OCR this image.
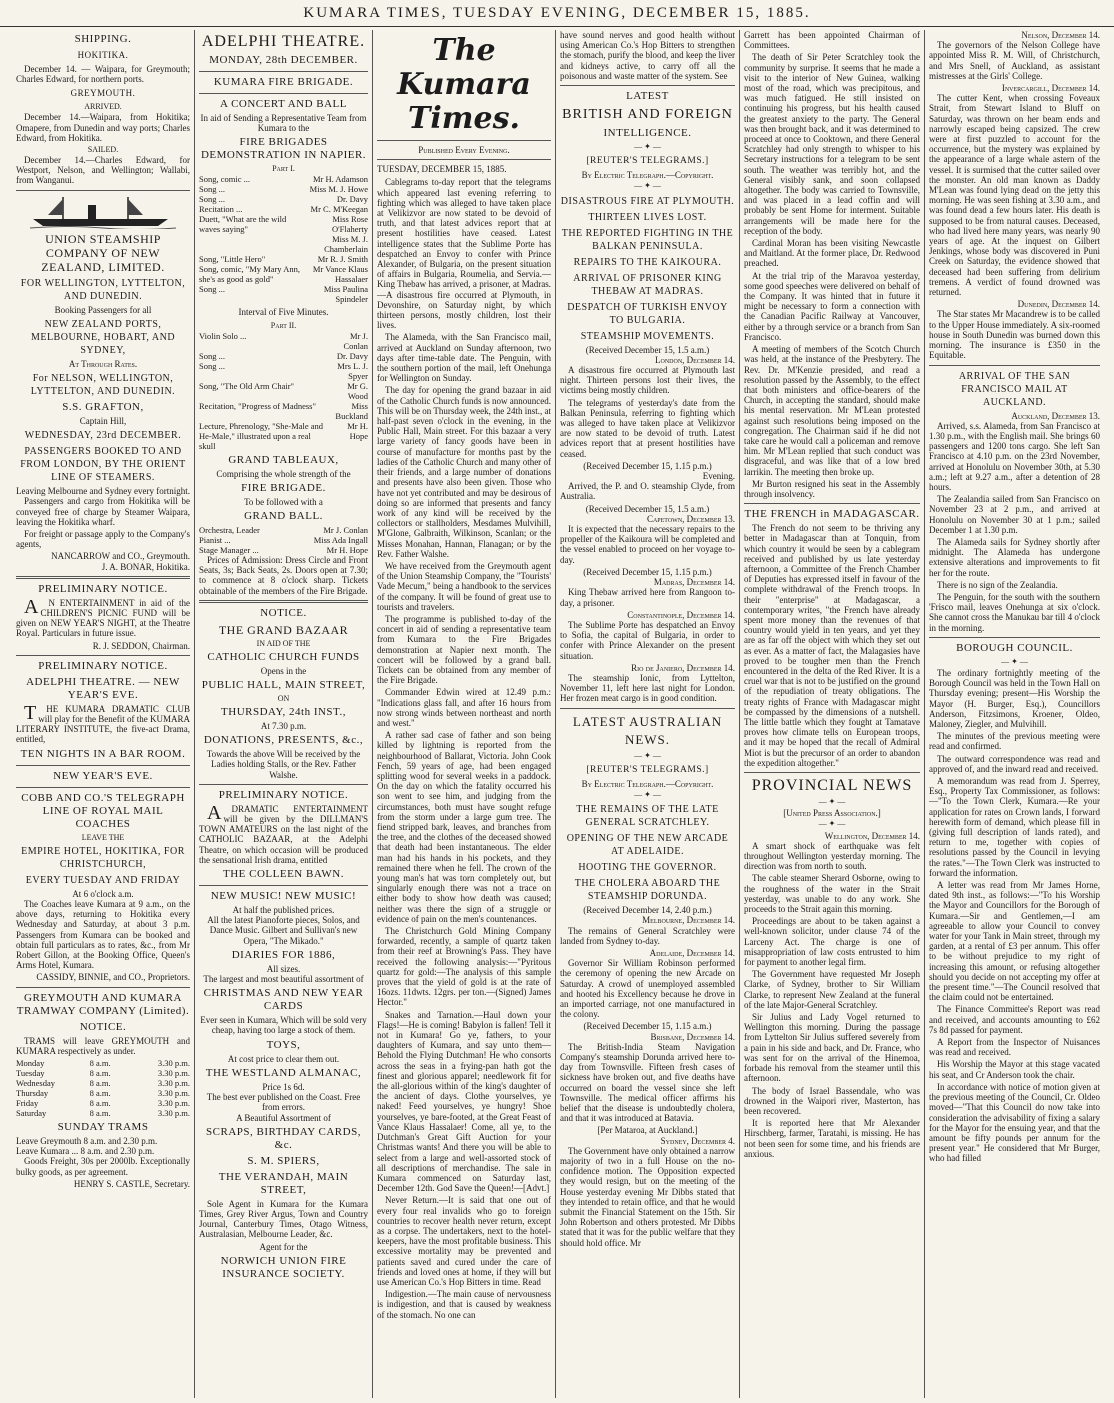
KUMARA TIMES, TUESDAY EVENING, DECEMBER 15, 1885.
SHIPPING.
HOKITIKA.

December 14. — Waipara, for Greymouth; Charles Edward, for northern ports.

GREYMOUTH.
ARRIVED.

December 14.—Waipara, from Hokitika; Omapere, from Dunedin and way ports; Charles Edward, from Hokitika.

SAILED.

December 14.—Charles Edward, for Westport, Nelson, and Wellington; Wallabi, from Wanganui.

UNION STEAMSHIP COMPANY OF NEW ZEALAND, LIMITED.
FOR WELLINGTON, LYTTELTON, AND DUNEDIN.

Booking Passengers for all

NEW ZEALAND PORTS, MELBOURNE, HOBART, AND SYDNEY,

At Through Rates.

For NELSON, WELLINGTON, LYTTELTON, AND DUNEDIN.
S.S. GRAFTON,

Captain Hill,

WEDNESDAY, 23rd DECEMBER.
PASSENGERS BOOKED TO AND FROM LONDON, BY THE ORIENT LINE OF STEAMERS.

Leaving Melbourne and Sydney every fortnight.

Passengers and cargo from Hokitika will be conveyed free of charge by Steamer Waipara, leaving the Hokitika wharf.

For freight or passage apply to the Company's agents,

NANCARROW and CO., Greymouth.

J. A. BONAR, Hokitika.

PRELIMINARY NOTICE.

AN ENTERTAINMENT in aid of the CHILDREN'S PICNIC FUND will be given on NEW YEAR'S NIGHT, at the Theatre Royal. Particulars in future issue.

R. J. SEDDON, Chairman.

PRELIMINARY NOTICE.
ADELPHI THEATRE. — NEW YEAR'S EVE.

THE KUMARA DRAMATIC CLUB will play for the Benefit of the KUMARA LITERARY INSTITUTE, the five-act Drama, entitled,

TEN NIGHTS IN A BAR ROOM.
NEW YEAR'S EVE.
COBB AND CO.'S TELEGRAPH LINE OF ROYAL MAIL COACHES
LEAVE THE
EMPIRE HOTEL, HOKITIKA, FOR CHRISTCHURCH,
EVERY TUESDAY AND FRIDAY

At 6 o'clock a.m.

The Coaches leave Kumara at 9 a.m., on the above days, returning to Hokitika every Wednesday and Saturday, at about 3 p.m. Passengers from Kumara can be booked and obtain full particulars as to rates, &c., from Mr Robert Gillon, at the Booking Office, Queen's Arms Hotel, Kumara.

CASSIDY, BINNIE, and CO., Proprietors.

GREYMOUTH AND KUMARA TRAMWAY COMPANY (Limited).
NOTICE.

TRAMS will leave GREYMOUTH and KUMARA respectively as under.

Monday	8 a.m.	3.30 p.m.
Tuesday	8 a.m.	3.30 p.m.
Wednesday	8 a.m.	3.30 p.m.
Thursday	8 a.m.	3.30 p.m.
Friday	8 a.m.	3.30 p.m.
Saturday	8 a.m.	3.30 p.m.
SUNDAY TRAMS

Leave Greymouth 8 a.m. and 2.30 p.m.

Leave Kumara ... 8 a.m. and 2.30 p.m.

Goods Freight, 30s per 2000lb. Exceptionally bulky goods, as per agreement.

HENRY S. CASTLE, Secretary.

ADELPHI THEATRE.
MONDAY, 28th DECEMBER.
KUMARA FIRE BRIGADE.
A CONCERT AND BALL

In aid of Sending a Representative Team from Kumara to the

FIRE BRIGADES DEMONSTRATION IN NAPIER.
Part I.
Song, comic ...	Mr H. Adamson
Song ...	Miss M. J. Howe
Song ...	Dr. Davy
Recitation ...	Mr C. M'Keegan
Duett, "What are the wild waves saying"	Miss Rose O'Flaherty
	Miss M. J. Chamberlain
Song, "Little Hero"	Mr R. J. Smith
Song, comic, "My Mary Ann, she's as good as gold"	Mr Vance Klaus Hassalaer
Song ...	Miss Paulina Spindeler

Interval of Five Minutes.

Part II.
Violin Solo ...	Mr J. Conlan
Song ...	Dr. Davy
Song ...	Mrs L. J. Spyer
Song, "The Old Arm Chair"	Mr G. Wood
Recitation, "Progress of Madness"	Miss Buckland
Lecture, Phrenology, "She-Male and He-Male," illustrated upon a real skull	Mr H. Hope
GRAND TABLEAUX,

Comprising the whole strength of the

FIRE BRIGADE.

To be followed with a

GRAND BALL.
Orchestra, Leader	Mr J. Conlan
Pianist ...	Miss Ada Ingall
Stage Manager ...	Mr H. Hope

Prices of Admission: Dress Circle and Front Seats, 3s; Back Seats, 2s. Doors open at 7.30; to commence at 8 o'clock sharp. Tickets obtainable of the members of the Fire Brigade.

NOTICE.
THE GRAND BAZAAR
IN AID OF THE
CATHOLIC CHURCH FUNDS

Opens in the

PUBLIC HALL, MAIN STREET,
ON
THURSDAY, 24th INST.,

At 7.30 p.m.

DONATIONS, PRESENTS, &c.,

Towards the above Will be received by the Ladies holding Stalls, or the Rev. Father Walshe.

PRELIMINARY NOTICE.

ADRAMATIC ENTERTAINMENT will be given by the DILLMAN'S TOWN AMATEURS on the last night of the CATHOLIC BAZAAR, at the Adelphi Theatre, on which occasion will be produced the sensational Irish drama, entitled

THE COLLEEN BAWN.
NEW MUSIC! NEW MUSIC!

At half the published prices.

All the latest Pianoforte pieces, Solos, and Dance Music. Gilbert and Sullivan's new Opera, "The Mikado."

DIARIES FOR 1886,

All sizes.

The largest and most beautiful assortment of

CHRISTMAS AND NEW YEAR CARDS

Ever seen in Kumara, Which will be sold very cheap, having too large a stock of them.

TOYS,

At cost price to clear them out.

THE WESTLAND ALMANAC,

Price 1s 6d.

The best ever published on the Coast. Free from errors.

A Beautiful Assortment of

SCRAPS, BIRTHDAY CARDS, &c.
S. M. SPIERS,
THE VERANDAH, MAIN STREET,

Sole Agent in Kumara for the Kumara Times, Grey River Argus, Town and Country Journal, Canterbury Times, Otago Witness, Australasian, Melbourne Leader, &c.

Agent for the

NORWICH UNION FIRE INSURANCE SOCIETY.
The Kumara Times.

Published Every Evening.

TUESDAY, DECEMBER 15, 1885.

Cablegrams to-day report that the telegrams which appeared last evening referring to fighting which was alleged to have taken place at Velikizvor are now stated to be devoid of truth, and that latest advices report that at present hostilities have ceased. Latest intelligence states that the Sublime Porte has despatched an Envoy to confer with Prince Alexander, of Bulgaria, on the present situation of affairs in Bulgaria, Roumelia, and Servia.—King Thebaw has arrived, a prisoner, at Madras.—A disastrous fire occurred at Plymouth, in Devonshire, on Saturday night, by which thirteen persons, mostly children, lost their lives.

The Alameda, with the San Francisco mail, arrived at Auckland on Sunday afternoon, two days after time-table date. The Penguin, with the southern portion of the mail, left Onehunga for Wellington on Sunday.

The day for opening the grand bazaar in aid of the Catholic Church funds is now announced. This will be on Thursday week, the 24th inst., at half-past seven o'clock in the evening, in the Public Hall, Main street. For this bazaar a very large variety of fancy goods have been in course of manufacture for months past by the ladies of the Catholic Church and many other of their friends, and a large number of donations and presents have also been given. Those who have not yet contributed and may be desirous of doing so are informed that presents and fancy work of any kind will be received by the collectors or stallholders, Mesdames Mulvihill, M'Glone, Galbraith, Wilkinson, Scanlan; or the Misses Monahan, Hannan, Flanagan; or by the Rev. Father Walshe.

We have received from the Greymouth agent of the Union Steamship Company, the "Tourists' Vade Mecum," being a handbook to the services of the company. It will be found of great use to tourists and travelers.

The programme is published to-day of the concert in aid of sending a representative team from Kumara to the Fire Brigades demonstration at Napier next month. The concert will be followed by a grand ball. Tickets can be obtained from any member of the Fire Brigade.

Commander Edwin wired at 12.49 p.m.: "Indications glass fall, and after 16 hours from now strong winds between northeast and north and west."

A rather sad case of father and son being killed by lightning is reported from the neighbourhood of Ballarat, Victoria. John Cook Fench, 59 years of age, had been engaged splitting wood for several weeks in a paddock. On the day on which the fatality occurred his son went to see him, and judging from the circumstances, both must have sought refuge from the storm under a large gum tree. The fiend stripped bark, leaves, and branches from the tree, and the clothes of the deceased showed that death had been instantaneous. The elder man had his hands in his pockets, and they remained there when he fell. The crown of the young man's hat was torn completely out, but singularly enough there was not a trace on either body to show how death was caused; neither was there the sign of a struggle or evidence of pain on the men's countenances.

The Christchurch Gold Mining Company forwarded, recently, a sample of quartz taken from their reef at Browning's Pass. They have received the following analysis:—"Pyritous quartz for gold:—The analysis of this sample proves that the yield of gold is at the rate of 16ozs. 11dwts. 12grs. per ton.—(Signed) James Hector."

Snakes and Tarnation.—Haul down your Flags!—He is coming! Babylon is fallen! Tell it not in Kumara! Go ye, fathers, to your daughters of Kumara, and say unto them—Behold the Flying Dutchman! He who consorts across the seas in a frying-pan hath got the finest and glorious apparel; needlework fit for the all-glorious within of the king's daughter of the ancient of days. Clothe yourselves, ye naked! Feed yourselves, ye hungry! Shoe yourselves, ye bare-footed, at the Great Feast of Vance Klaus Hassalaer! Come, all ye, to the Dutchman's Great Gift Auction for your Christmas wants! And there you will be able to select from a large and well-assorted stock of all descriptions of merchandise. The sale in Kumara commenced on Saturday last, December 12th. God Save the Queen!—[Advt.]

Never Return.—It is said that one out of every four real invalids who go to foreign countries to recover health never return, except as a corpse. The undertakers, next to the hotel-keepers, have the most profitable business. This excessive mortality may be prevented and patients saved and cured under the care of friends and loved ones at home, if they will but use American Co.'s Hop Bitters in time. Read

Indigestion.—The main cause of nervousness is indigestion, and that is caused by weakness of the stomach. No one can

have sound nerves and good health without using American Co.'s Hop Bitters to strengthen the stomach, purify the blood, and keep the liver and kidneys active, to carry off all the poisonous and waste matter of the system. See

LATEST
BRITISH AND FOREIGN
INTELLIGENCE.
— ✦ —
[REUTER'S TELEGRAMS.]

By Electric Telegraph.—Copyright.

— ✦ —
DISASTROUS FIRE AT PLYMOUTH.
THIRTEEN LIVES LOST.
THE REPORTED FIGHTING IN THE BALKAN PENINSULA.
REPAIRS TO THE KAIKOURA.
ARRIVAL OF PRISONER KING THEBAW AT MADRAS.
DESPATCH OF TURKISH ENVOY TO BULGARIA.
STEAMSHIP MOVEMENTS.

(Received December 15, 1.5 a.m.)

London, December 14.

A disastrous fire occurred at Plymouth last night. Thirteen persons lost their lives, the victims being mostly children.

The telegrams of yesterday's date from the Balkan Peninsula, referring to fighting which was alleged to have taken place at Velikizvor are now stated to be devoid of truth. Latest advices report that at present hostilities have ceased.

(Received December 15, 1.15 p.m.)

Evening.

Arrived, the P. and O. steamship Clyde, from Australia.

(Received December 15, 1.5 a.m.)

Capetown, December 13.

It is expected that the necessary repairs to the propeller of the Kaikoura will be completed and the vessel enabled to proceed on her voyage to-day.

(Received December 15, 1.15 p.m.)

Madras, December 14.

King Thebaw arrived here from Rangoon to-day, a prisoner.

Constantinople, December 14.

The Sublime Porte has despatched an Envoy to Sofia, the capital of Bulgaria, in order to confer with Prince Alexander on the present situation.

Rio de Janiero, December 14.

The steamship Ionic, from Lyttelton, November 11, left here last night for London. Her frozen meat cargo is in good condition.

LATEST AUSTRALIAN NEWS.
— ✦ —
[REUTER'S TELEGRAMS.]

By Electric Telegraph.—Copyright.

— ✦ —
THE REMAINS OF THE LATE GENERAL SCRATCHLEY.
OPENING OF THE NEW ARCADE AT ADELAIDE.
HOOTING THE GOVERNOR.
THE CHOLERA ABOARD THE STEAMSHIP DORUNDA.

(Received December 14, 2.40 p.m.)

Melbourne, December 14.

The remains of General Scratchley were landed from Sydney to-day.

Adelaide, December 14.

Governor Sir William Robinson performed the ceremony of opening the new Arcade on Saturday. A crowd of unemployed assembled and hooted his Excellency because he drove in an imported carriage, not one manufactured in the colony.

(Received December 15, 1.15 a.m.)

Brisbane, December 14.

The British-India Steam Navigation Company's steamship Dorunda arrived here to-day from Townsville. Fifteen fresh cases of sickness have broken out, and five deaths have occurred on board the vessel since she left Townsville. The medical officer affirms his belief that the disease is undoubtedly cholera, and that it was introduced at Batavia.

[Per Mataroa, at Auckland.]

Sydney, December 4.

The Government have only obtained a narrow majority of two in a full House on the no-confidence motion. The Opposition expected they would resign, but on the meeting of the House yesterday evening Mr Dibbs stated that they intended to retain office, and that he would submit the Financial Statement on the 15th. Sir John Robertson and others protested. Mr Dibbs stated that it was for the public welfare that they should hold office. Mr

Garrett has been appointed Chairman of Committees.

The death of Sir Peter Scratchley took the community by surprise. It seems that he made a visit to the interior of New Guinea, walking most of the road, which was precipitous, and was much fatigued. He still insisted on continuing his progress, but his health caused the greatest anxiety to the party. The General was then brought back, and it was determined to proceed at once to Cooktown, and there General Scratchley had only strength to whisper to his Secretary instructions for a telegram to be sent south. The weather was terribly hot, and the General visibly sank, and soon collapsed altogether. The body was carried to Townsville, and was placed in a lead coffin and will probably be sent Home for interment. Suitable arrangements will be made here for the reception of the body.

Cardinal Moran has been visiting Newcastle and Maitland. At the former place, Dr. Redwood preached.

At the trial trip of the Maravoa yesterday, some good speeches were delivered on behalf of the Company. It was hinted that in future it might be necessary to form a connection with the Canadian Pacific Railway at Vancouver, either by a through service or a branch from San Francisco.

A meeting of members of the Scotch Church was held, at the instance of the Presbytery. The Rev. Dr. M'Kenzie presided, and read a resolution passed by the Assembly, to the effect that both ministers and office-bearers of the Church, in accepting the standard, should make his mental reservation. Mr M'Lean protested against such resolutions being imposed on the congregation. The Chairman said if he did not take care he would call a policeman and remove him. Mr M'Lean replied that such conduct was disgraceful, and was like that of a low bred larrikin. The meeting then broke up.

Mr Burton resigned his seat in the Assembly through insolvency.

THE FRENCH in MADAGASCAR.

The French do not seem to be thriving any better in Madagascar than at Tonquin, from which country it would be seen by a cablegram received and published by us late yesterday afternoon, a Committee of the French Chamber of Deputies has expressed itself in favour of the complete withdrawal of the French troops. In their "enterprise" at Madagascar, a contemporary writes, "the French have already spent more money than the revenues of that country would yield in ten years, and yet they are as far off the object with which they set out as ever. As a matter of fact, the Malagasies have proved to be tougher men than the French encountered in the delta of the Red River. It is a cruel war that is not to be justified on the ground of the repudiation of treaty obligations. The treaty rights of France with Madagascar might be compassed by the dimensions of a nutshell. The little battle which they fought at Tamatave proves how climate tells on European troops, and it may be hoped that the recall of Admiral Miot is but the precursor of an order to abandon the expedition altogether."

PROVINCIAL NEWS
— ✦ —

[United Press Association.]

— ✦ —

Wellington, December 14.

A smart shock of earthquake was felt throughout Wellington yesterday morning. The direction was from north to south.

The cable steamer Sherard Osborne, owing to the roughness of the water in the Strait yesterday, was unable to do any work. She proceeds to the Strait again this morning.

Proceedings are about to be taken against a well-known solicitor, under clause 74 of the Larceny Act. The charge is one of misappropriation of law costs entrusted to him for payment to another legal firm.

The Government have requested Mr Joseph Clarke, of Sydney, brother to Sir William Clarke, to represent New Zealand at the funeral of the late Major-General Scratchley.

Sir Julius and Lady Vogel returned to Wellington this morning. During the passage from Lyttelton Sir Julius suffered severely from a pain in his side and back, and Dr. France, who was sent for on the arrival of the Hinemoa, forbade his removal from the steamer until this afternoon.

The body of Israel Bassendale, who was drowned in the Waipori river, Masterton, has been recovered.

It is reported here that Mr Alexander Hirschberg, farmer, Taratahi, is missing. He has not been seen for some time, and his friends are anxious.

Nelson, December 14.

The governors of the Nelson College have appointed Miss R. M. Will, of Christchurch, and Mrs Snell, of Auckland, as assistant mistresses at the Girls' College.

Invercargill, December 14.

The cutter Kent, when crossing Foveaux Strait, from Stewart Island to Bluff on Saturday, was thrown on her beam ends and narrowly escaped being capsized. The crew were at first puzzled to account for the occurrence, but the mystery was explained by the appearance of a large whale astern of the vessel. It is surmised that the cutter sailed over the monster. An old man known as Daddy M'Lean was found lying dead on the jetty this morning. He was seen fishing at 3.30 a.m., and was found dead a few hours later. His death is supposed to be from natural causes. Deceased, who had lived here many years, was nearly 90 years of age. At the inquest on Gilbert Jenkings, whose body was discovered in Puni Creek on Saturday, the evidence showed that deceased had been suffering from delirium tremens. A verdict of found drowned was returned.

Dunedin, December 14.

The Star states Mr Macandrew is to be called to the Upper House immediately. A six-roomed house in South Dunedin was burned down this morning. The insurance is £350 in the Equitable.

ARRIVAL OF THE SAN FRANCISCO MAIL AT AUCKLAND.

Auckland, December 13.

Arrived, s.s. Alameda, from San Francisco at 1.30 p.m., with the English mail. She brings 60 passengers and 1200 tons cargo. She left San Francisco at 4.10 p.m. on the 23rd November, arrived at Honolulu on November 30th, at 5.30 a.m.; left at 9.27 a.m., after a detention of 28 hours.

The Zealandia sailed from San Francisco on November 23 at 2 p.m., and arrived at Honolulu on November 30 at 1 p.m.; sailed December 1 at 1.30 p.m.

The Alameda sails for Sydney shortly after midnight. The Alameda has undergone extensive alterations and improvements to fit her for the route.

There is no sign of the Zealandia.

The Penguin, for the south with the southern 'Frisco mail, leaves Onehunga at six o'clock. She cannot cross the Manukau bar till 4 o'clock in the morning.

BOROUGH COUNCIL.
— ✦ —

The ordinary fortnightly meeting of the Borough Council was held in the Town Hall on Thursday evening; present—His Worship the Mayor (H. Burger, Esq.), Councillors Anderson, Fitzsimons, Kroener, Oldeo, Maloney, Ziegler, and Mulvihill.

The minutes of the previous meeting were read and confirmed.

The outward correspondence was read and approved of, and the inward read and received.

A memorandum was read from J. Sperrey, Esq., Property Tax Commissioner, as follows:—"To the Town Clerk, Kumara.—Re your application for rates on Crown lands, I forward herewith form of demand, which please fill in (giving full description of lands rated), and return to me, together with copies of resolutions passed by the Council in levying the rates."—The Town Clerk was instructed to forward the information.

A letter was read from Mr James Horne, dated 9th inst., as follows:—"To his Worship the Mayor and Councillors for the Borough of Kumara.—Sir and Gentlemen,—I am agreeable to allow your Council to convey water for your Tank in Main street, through my garden, at a rental of £3 per annum. This offer to be without prejudice to my right of increasing this amount, or refusing altogether should you decide on not accepting my offer at the present time."—The Council resolved that the claim could not be entertained.

The Finance Committee's Report was read and received, and accounts amounting to £62 7s 8d passed for payment.

A Report from the Inspector of Nuisances was read and received.

His Worship the Mayor at this stage vacated his seat, and Cr Anderson took the chair.

In accordance with notice of motion given at the previous meeting of the Council, Cr. Oldeo moved—"That this Council do now take into consideration the advisability of fixing a salary for the Mayor for the ensuing year, and that the amount be fifty pounds per annum for the present year." He considered that Mr Burger, who had filled
